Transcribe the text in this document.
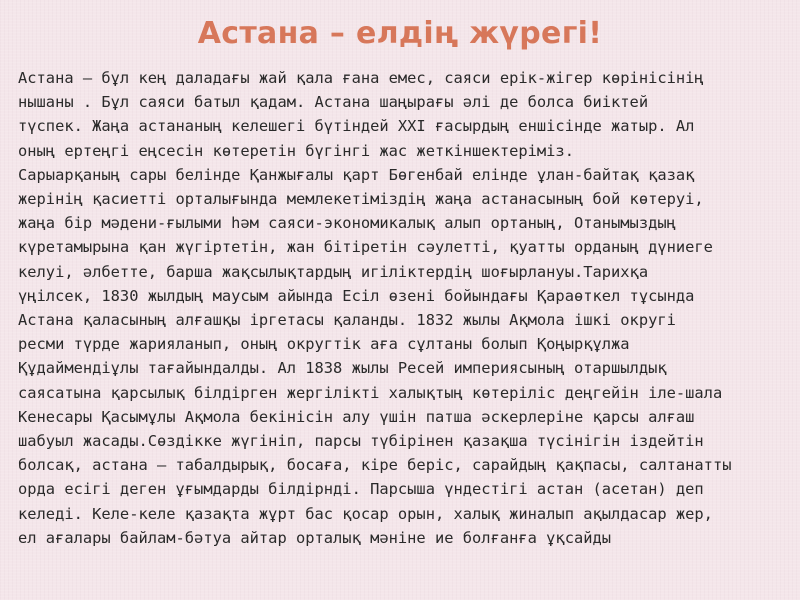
Астана – елдің жүрегі!
Астана — бұл кең даладағы жай қала ғана емес, саяси ерік-жігер көрінісінің
нышаны . Бұл саяси батыл қадам. Астана шаңырағы әлі де болса биіктей
түспек. Жаңа астананың келешегі бүтіндей XXI ғасырдың еншісінде жатыр. Ал
оның ертеңгі еңсесін көтеретін бүгінгі жас жеткіншектеріміз.
Сарыарқаның сары белінде Қанжығалы қарт Бөгенбай елінде ұлан-байтақ қазақ
жерінің қасиетті орталығында мемлекетіміздің жаңа астанасының бой көтеруі,
жаңа бір мәдени-ғылыми һәм саяси-экономикалық алып ортаның, Отанымыздың
күретамырына қан жүгіртетін, жан бітіретін сәулетті, қуатты орданың дүниеге
келуі, әлбетте, барша жақсылықтардың игіліктердің шоғырлануы.Тарихқа
үңілсек, 1830 жылдың маусым айында Есіл өзені бойындағы Қараөткел тұсында
Астана қаласының алғашқы іргетасы қаланды. 1832 жылы Ақмола ішкі округі
ресми түрде жарияланып, оның округтік аға сұлтаны болып Қоңырқұлжа
Құдаймендіұлы тағайындалды. Ал 1838 жылы Ресей империясының отаршылдық
саясатына қарсылық білдірген жергілікті халықтың көтеріліс деңгейін іле-шала
Кенесары Қасымұлы Ақмола бекінісін алу үшін патша әскерлеріне қарсы алғаш
шабуыл жасады.Сөздікке жүгініп, парсы түбірінен қазақша түсінігін іздейтін
болсақ, астана — табалдырық, босаға, кіре беріс, сарайдың қақпасы, салтанатты
орда есігі деген ұғымдарды білдірнді. Парсыша үндестігі астан (асетан) деп
келеді. Келе-келе қазақта жұрт бас қосар орын, халық жиналып ақылдасар жер,
ел ағалары байлам-бәтуа айтар орталық мәніне ие болғанға ұқсайды
